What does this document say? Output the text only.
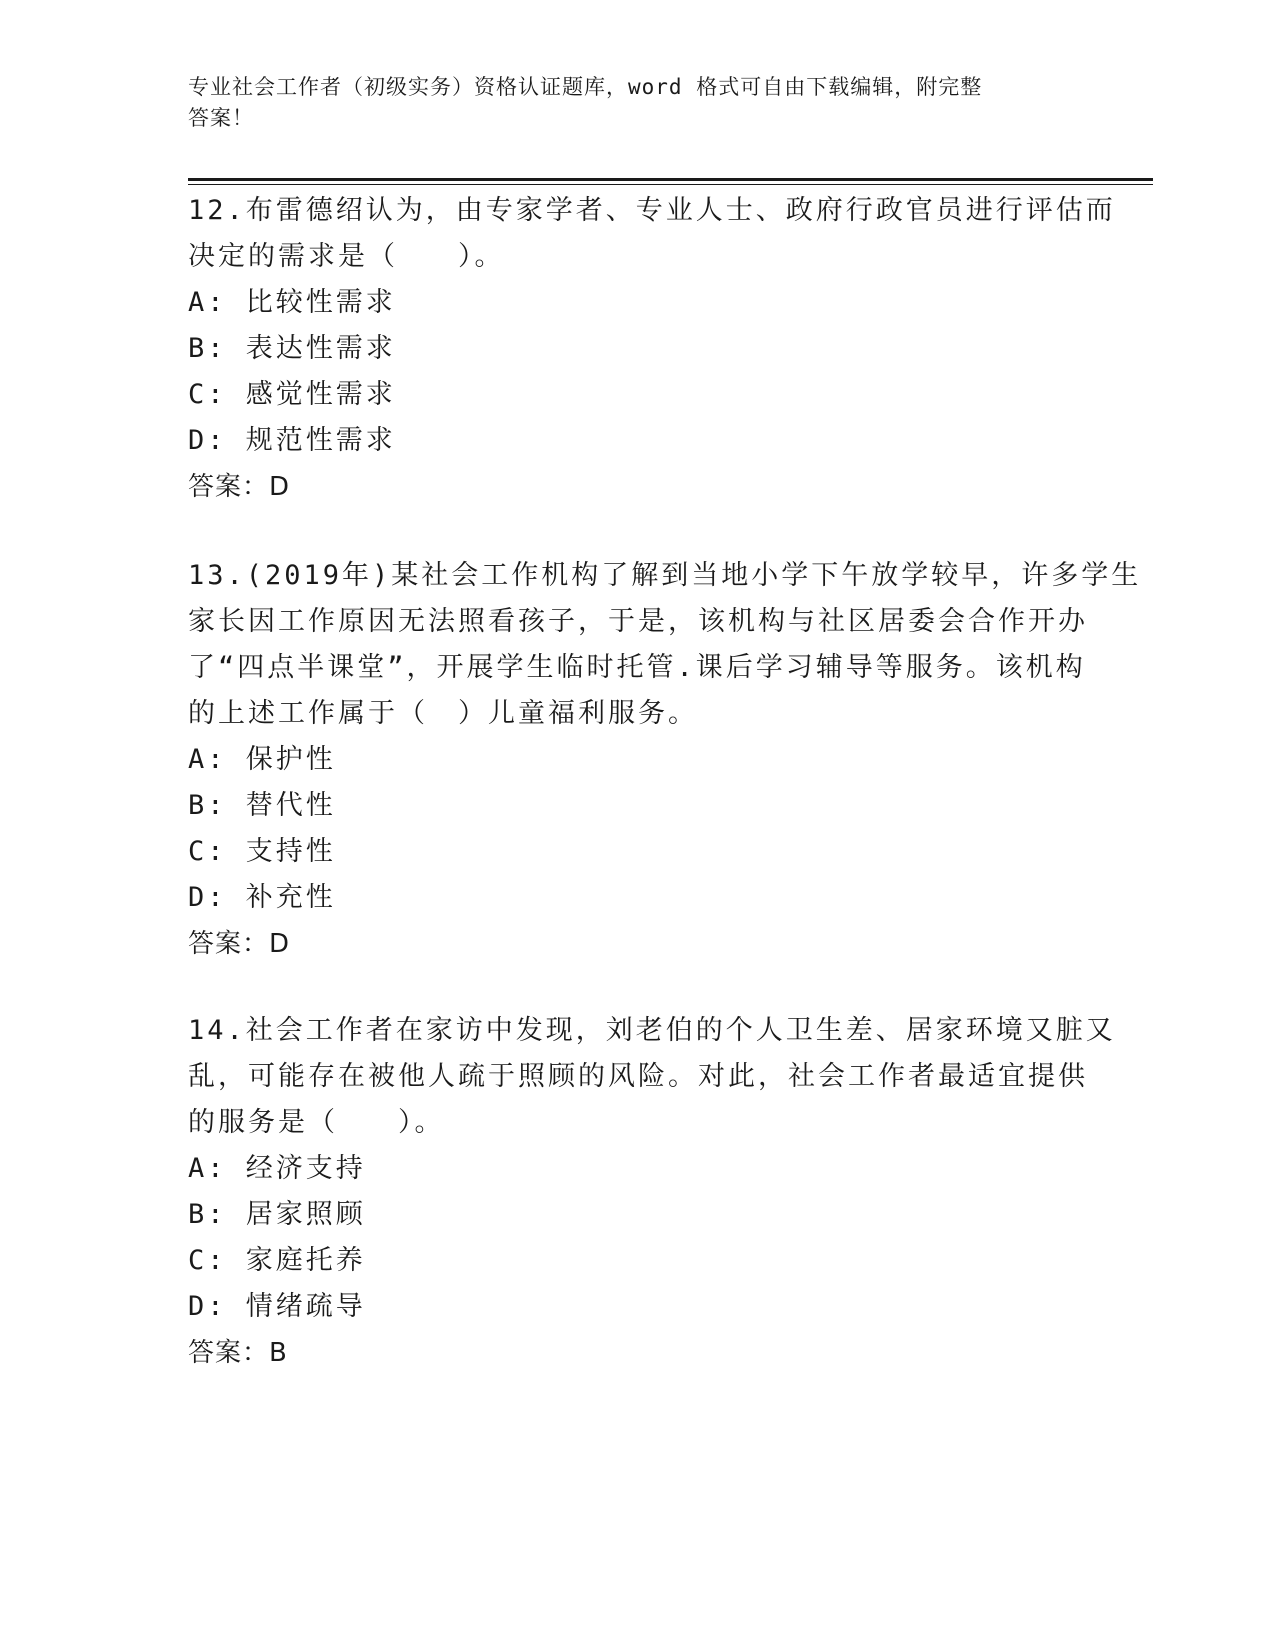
专业社会工作者（初级实务）资格认证题库，word 格式可自由下载编辑，附完整
答案！
12.布雷德绍认为，由专家学者、专业人士、政府行政官员进行评估而
决定的需求是（　　）。
A: 比较性需求
B: 表达性需求
C: 感觉性需求
D: 规范性需求
答案：D
13.(2019年)某社会工作机构了解到当地小学下午放学较早，许多学生
家长因工作原因无法照看孩子，于是，该机构与社区居委会合作开办
了“四点半课堂”，开展学生临时托管.课后学习辅导等服务。该机构
的上述工作属于（　）儿童福利服务。
A: 保护性
B: 替代性
C: 支持性
D: 补充性
答案：D
14.社会工作者在家访中发现，刘老伯的个人卫生差、居家环境又脏又
乱，可能存在被他人疏于照顾的风险。对此，社会工作者最适宜提供
的服务是（　　）。
A: 经济支持
B: 居家照顾
C: 家庭托养
D: 情绪疏导
答案：B
